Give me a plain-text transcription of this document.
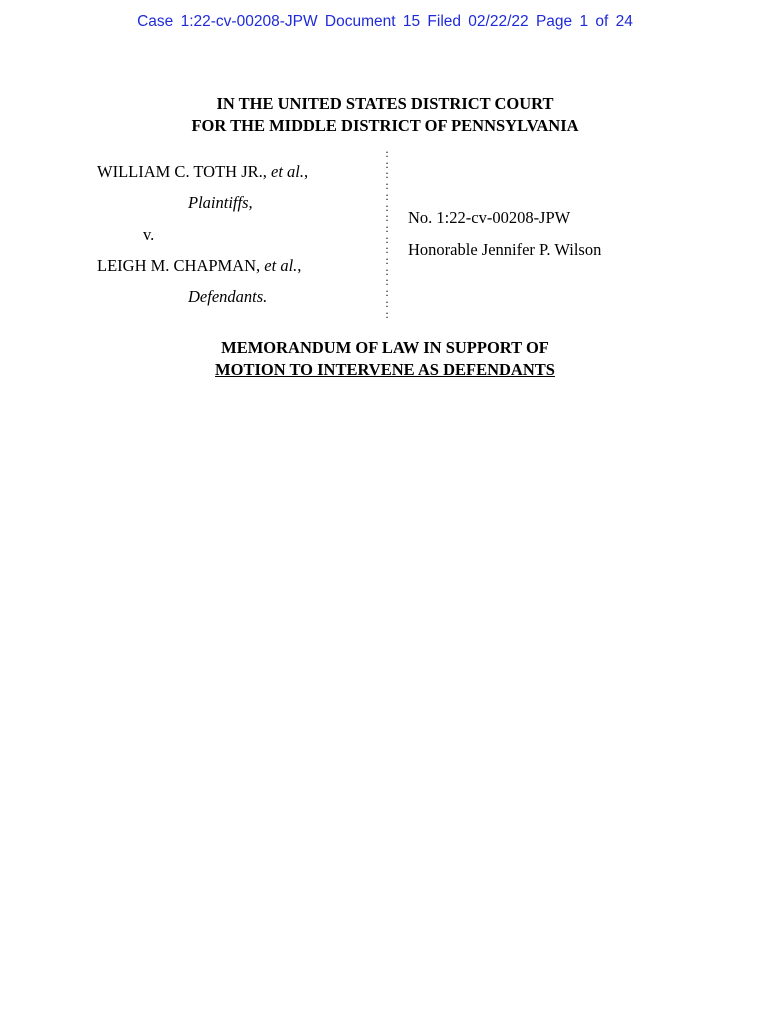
Case 1:22-cv-00208-JPW Document 15 Filed 02/22/22 Page 1 of 24
IN THE UNITED STATES DISTRICT COURT
FOR THE MIDDLE DISTRICT OF PENNSYLVANIA
WILLIAM C. TOTH JR., et al.,
Plaintiffs,
v.
LEIGH M. CHAPMAN, et al.,
Defendants.
:
:
:
:
:
:
:
:
:
:
:
:
:
:
:
:
No. 1:22-cv-00208-JPW
Honorable Jennifer P. Wilson
MEMORANDUM OF LAW IN SUPPORT OF
MOTION TO INTERVENE AS DEFENDANTS
